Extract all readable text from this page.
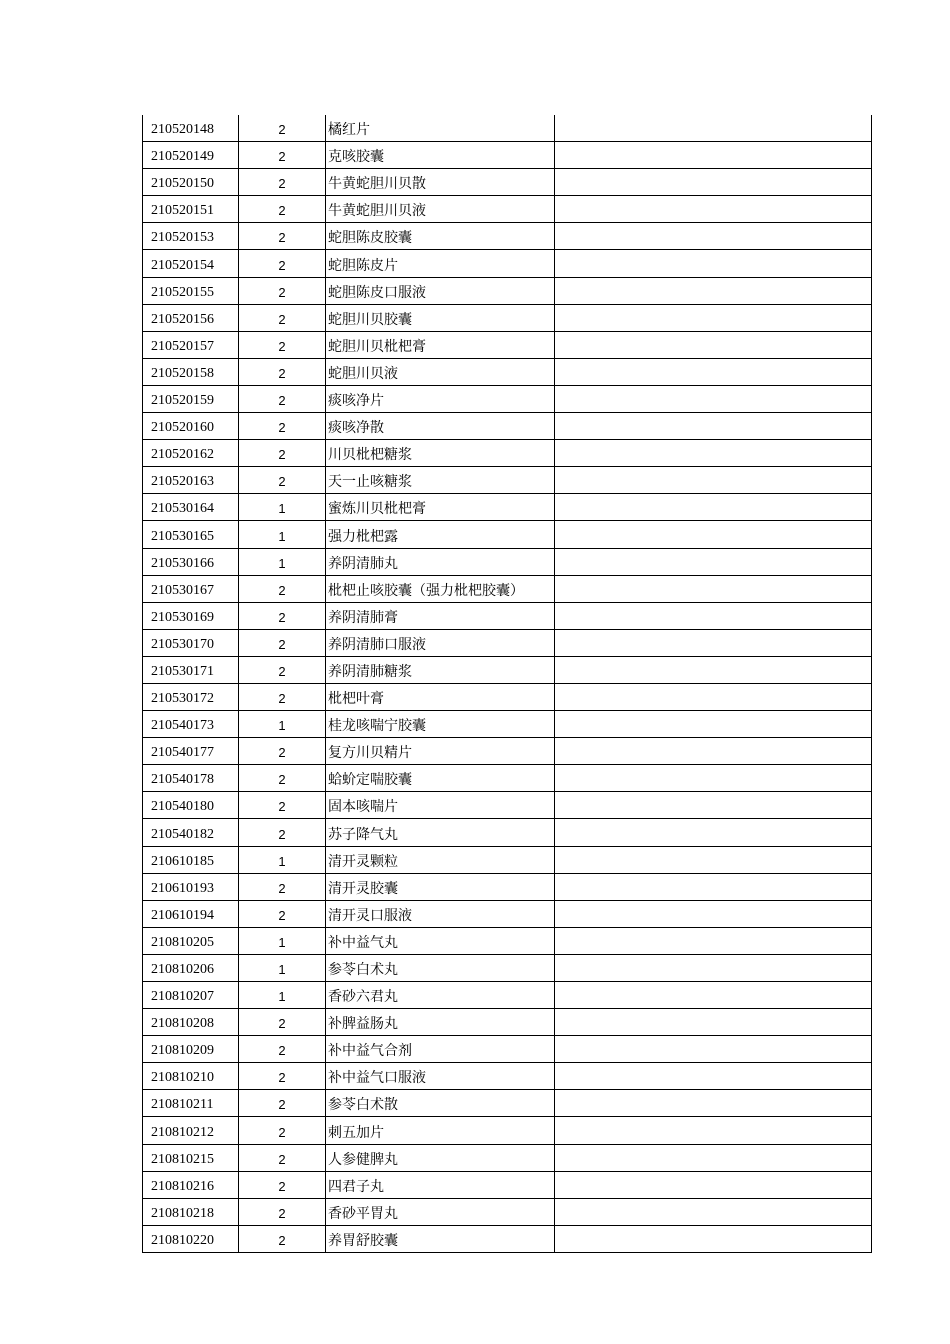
210520148	2	橘红片	
210520149	2	克咳胶囊	
210520150	2	牛黄蛇胆川贝散	
210520151	2	牛黄蛇胆川贝液	
210520153	2	蛇胆陈皮胶囊	
210520154	2	蛇胆陈皮片	
210520155	2	蛇胆陈皮口服液	
210520156	2	蛇胆川贝胶囊	
210520157	2	蛇胆川贝枇杷膏	
210520158	2	蛇胆川贝液	
210520159	2	痰咳净片	
210520160	2	痰咳净散	
210520162	2	川贝枇杷糖浆	
210520163	2	天一止咳糖浆	
210530164	1	蜜炼川贝枇杷膏	
210530165	1	强力枇杷露	
210530166	1	养阴清肺丸	
210530167	2	枇杷止咳胶囊（强力枇杷胶囊）	
210530169	2	养阴清肺膏	
210530170	2	养阴清肺口服液	
210530171	2	养阴清肺糖浆	
210530172	2	枇杷叶膏	
210540173	1	桂龙咳喘宁胶囊	
210540177	2	复方川贝精片	
210540178	2	蛤蚧定喘胶囊	
210540180	2	固本咳喘片	
210540182	2	苏子降气丸	
210610185	1	清开灵颗粒	
210610193	2	清开灵胶囊	
210610194	2	清开灵口服液	
210810205	1	补中益气丸	
210810206	1	参苓白术丸	
210810207	1	香砂六君丸	
210810208	2	补脾益肠丸	
210810209	2	补中益气合剂	
210810210	2	补中益气口服液	
210810211	2	参苓白术散	
210810212	2	刺五加片	
210810215	2	人参健脾丸	
210810216	2	四君子丸	
210810218	2	香砂平胃丸	
210810220	2	养胃舒胶囊	
